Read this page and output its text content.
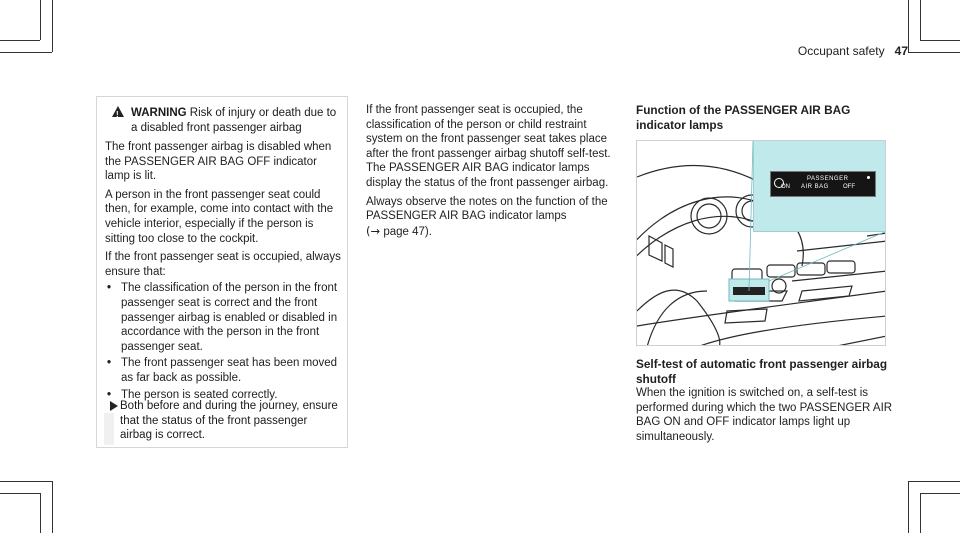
Occupant safety 47
!WARNING Risk of injury or death due to
a disabled front passenger airbag

The front passenger airbag is disabled when the PASSENGER AIR BAG OFF indicator lamp is lit.

A person in the front passenger seat could then, for example, come into contact with the vehicle interior, especially if the person is sitting too close to the cockpit.

If the front passenger seat is occupied, always ensure that:

• The classification of the person in the front passenger seat is correct and the front passenger airbag is enabled or disabled in accordance with the person in the front passenger seat.
• The front passenger seat has been moved as far back as possible.
• The person is seated correctly.
Both before and during the journey, ensure that the status of the front passenger airbag is correct.

If the front passenger seat is occupied, the classification of the person or child restraint system on the front passenger seat takes place after the front passenger airbag shutoff self-test. The PASSENGER AIR BAG indicator lamps display the status of the front passenger airbag.

Always observe the notes on the function of the PASSENGER AIR BAG indicator lamps

(→ page 47).

Function of the PASSENGER AIR BAG indicator lamps
PASSENGER
ON AIR BAG OFF
Self-test of automatic front passenger airbag shutoff

When the ignition is switched on, a self-test is performed during which the two PASSENGER AIR BAG ON and OFF indicator lamps light up simultaneously.
